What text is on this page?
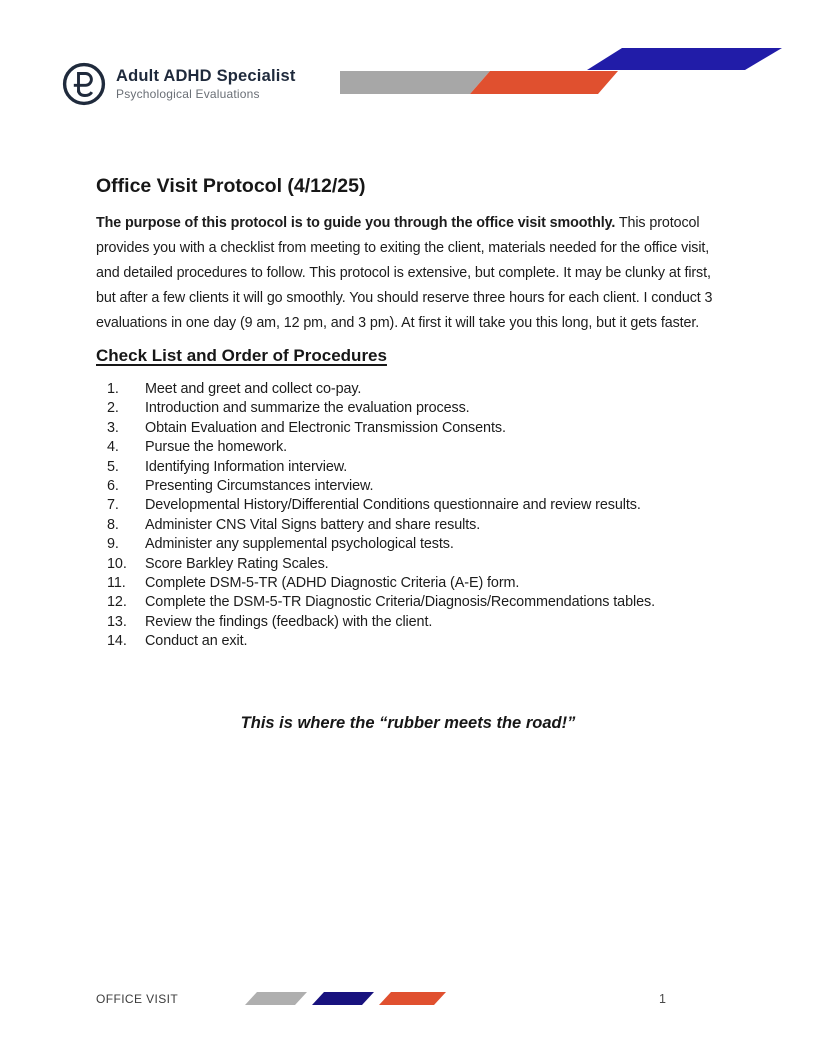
Adult ADHD Specialist
Psychological Evaluations
Office Visit Protocol (4/12/25)

The purpose of this protocol is to guide you through the office visit smoothly. This protocol provides you with a checklist from meeting to exiting the client, materials needed for the office visit, and detailed procedures to follow. This protocol is extensive, but complete. It may be clunky at first, but after a few clients it will go smoothly. You should reserve three hours for each client. I conduct 3 evaluations in one day (9 am, 12 pm, and 3 pm). At first it will take you this long, but it gets faster.

Check List and Order of Procedures
Meet and greet and collect co-pay.
Introduction and summarize the evaluation process.
Obtain Evaluation and Electronic Transmission Consents.
Pursue the homework.
Identifying Information interview.
Presenting Circumstances interview.
Developmental History/Differential Conditions questionnaire and review results.
Administer CNS Vital Signs battery and share results.
Administer any supplemental psychological tests.
Score Barkley Rating Scales.
Complete DSM-5-TR (ADHD Diagnostic Criteria (A-E) form.
Complete the DSM-5-TR Diagnostic Criteria/Diagnosis/Recommendations tables.
Review the findings (feedback) with the client.
Conduct an exit.

This is where the “rubber meets the road!”

OFFICE VISIT	1
